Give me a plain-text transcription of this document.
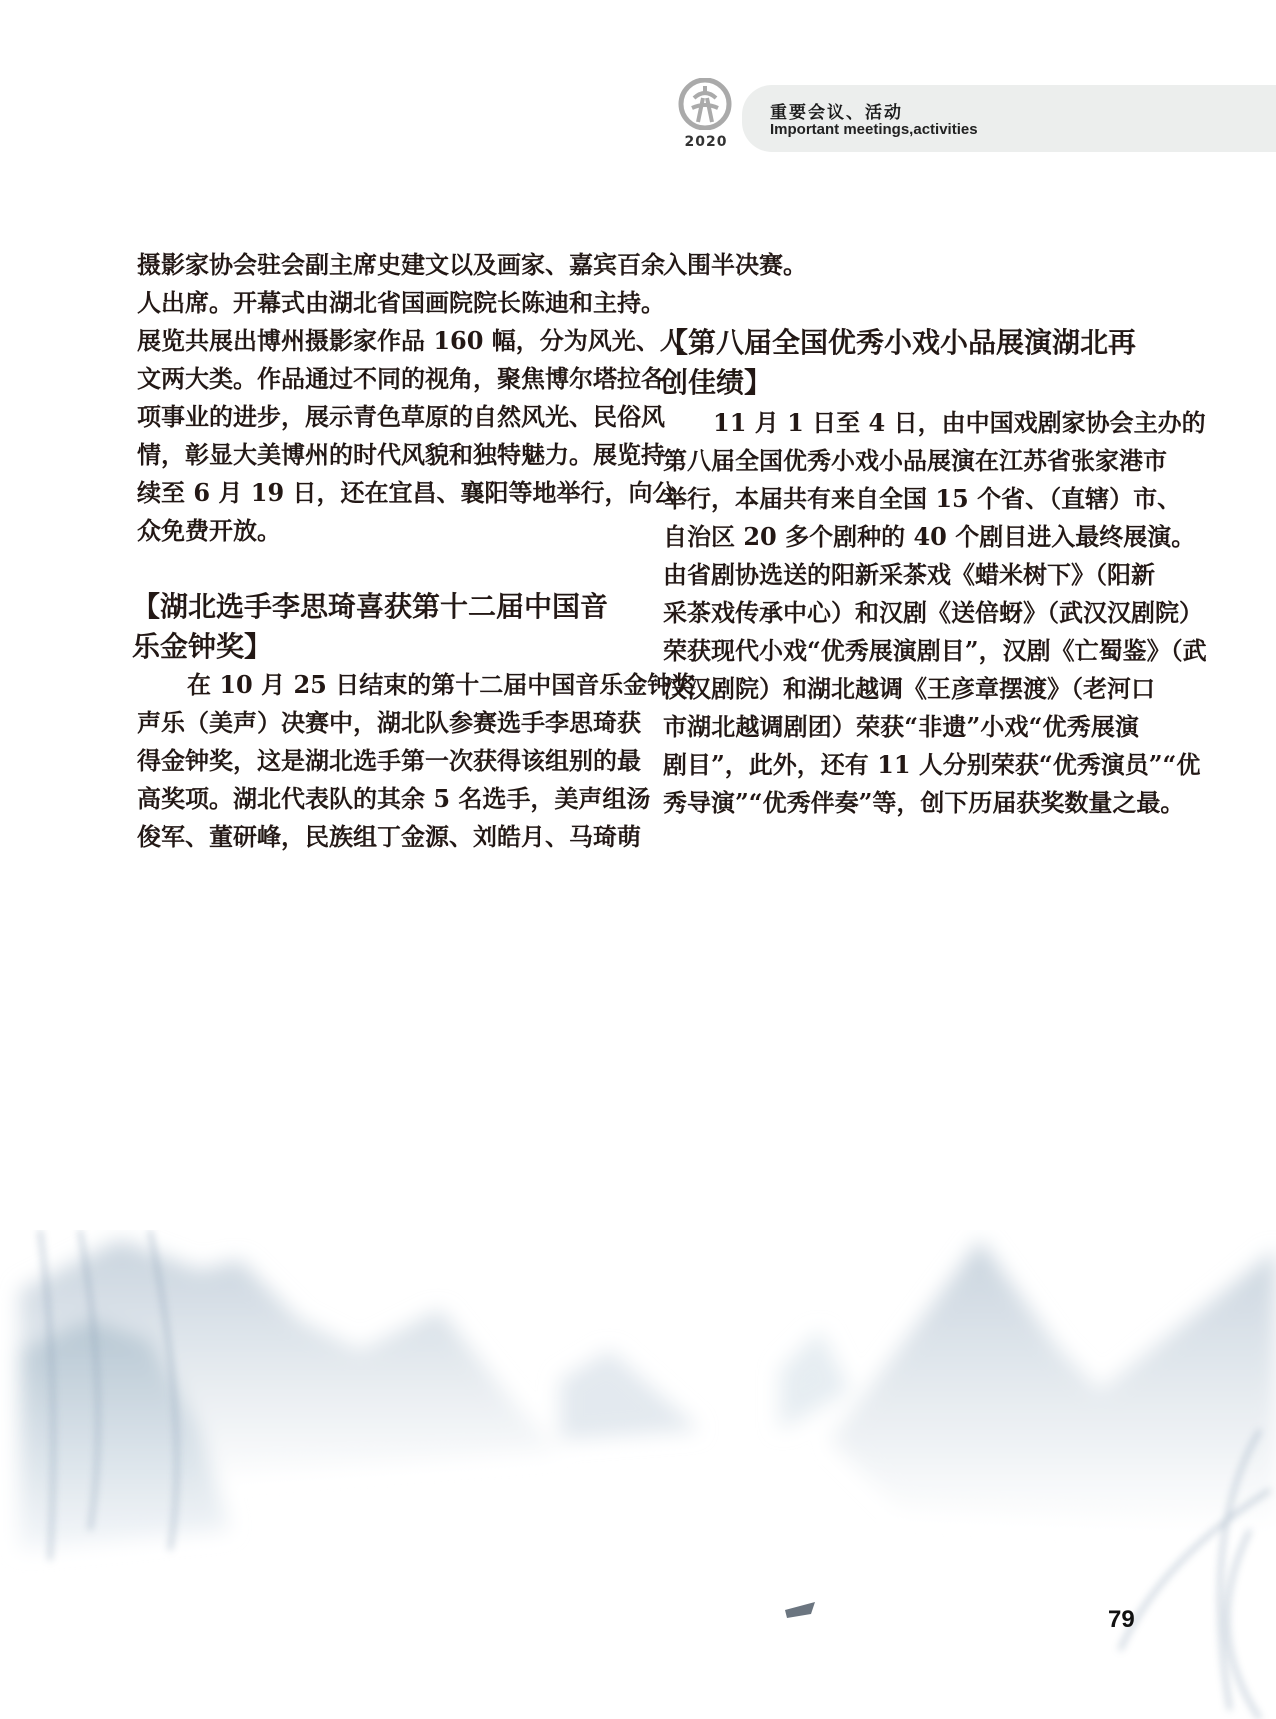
2020
重要会议、活动
Important meetings,activities
摄影家协会驻会副主席史建文以及画家、嘉宾百余
人出席。开幕式由湖北省国画院院长陈迪和主持。
展览共展出博州摄影家作品 160 幅，分为风光、人
文两大类。作品通过不同的视角，聚焦博尔塔拉各
项事业的进步，展示青色草原的自然风光、民俗风
情，彰显大美博州的时代风貌和独特魅力。展览持
续至 6 月 19 日，还在宜昌、襄阳等地举行，向公
众免费开放。
【湖北选手李思琦喜获第十二届中国音
乐金钟奖】
在 10 月 25 日结束的第十二届中国音乐金钟奖
声乐（美声）决赛中，湖北队参赛选手李思琦获
得金钟奖，这是湖北选手第一次获得该组别的最
高奖项。湖北代表队的其余 5 名选手，美声组汤
俊军、董研峰，民族组丁金源、刘皓月、马琦萌
入围半决赛。
【第八届全国优秀小戏小品展演湖北再
创佳绩】
11 月 1 日至 4 日，由中国戏剧家协会主办的
第八届全国优秀小戏小品展演在江苏省张家港市
举行，本届共有来自全国 15 个省、（直辖）市、
自治区 20 多个剧种的 40 个剧目进入最终展演。
由省剧协选送的阳新采茶戏《蜡米树下》（阳新
采茶戏传承中心）和汉剧《送倍蚜》（武汉汉剧院）
荣获现代小戏“优秀展演剧目”，汉剧《亡蜀鉴》（武
汉汉剧院）和湖北越调《王彦章摆渡》（老河口
市湖北越调剧团）荣获“非遗”小戏“优秀展演
剧目”，此外，还有 11 人分别荣获“优秀演员”“优
秀导演”“优秀伴奏”等，创下历届获奖数量之最。
79
